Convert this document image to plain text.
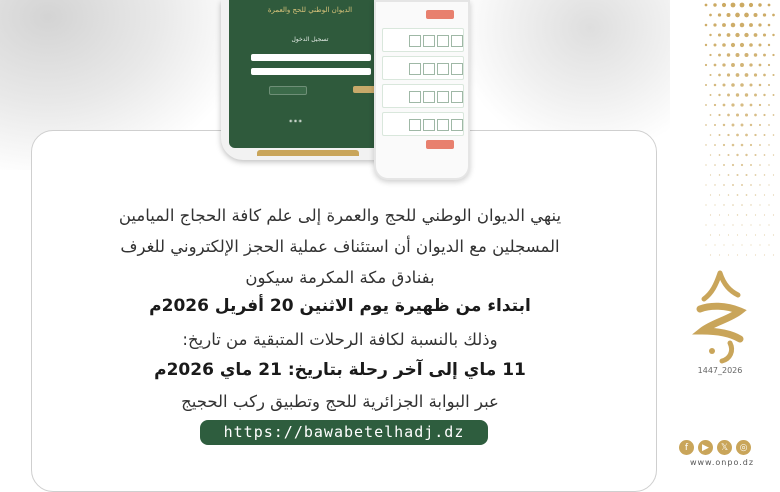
الديوان الوطني للحج والعمرة
تسجيل الدخول
◉ ◉ ◉
ينهي الديوان الوطني للحج والعمرة إلى علم كافة الحجاج الميامين
المسجلين مع الديوان أن استئناف عملية الحجز الإلكتروني للغرف
بفنادق مكة المكرمة سيكون
ابتداء من ظهيرة يوم الاثنين 20 أفريل 2026م
وذلك بالنسبة لكافة الرحلات المتبقية من تاريخ:
11 ماي إلى آخر رحلة بتاريخ: 21 ماي 2026م
عبر البوابة الجزائرية للحج وتطبيق ركب الحجيج
https://bawabetelhadj.dz
1447_2026
f	▶	𝕏	◎
www.onpo.dz
